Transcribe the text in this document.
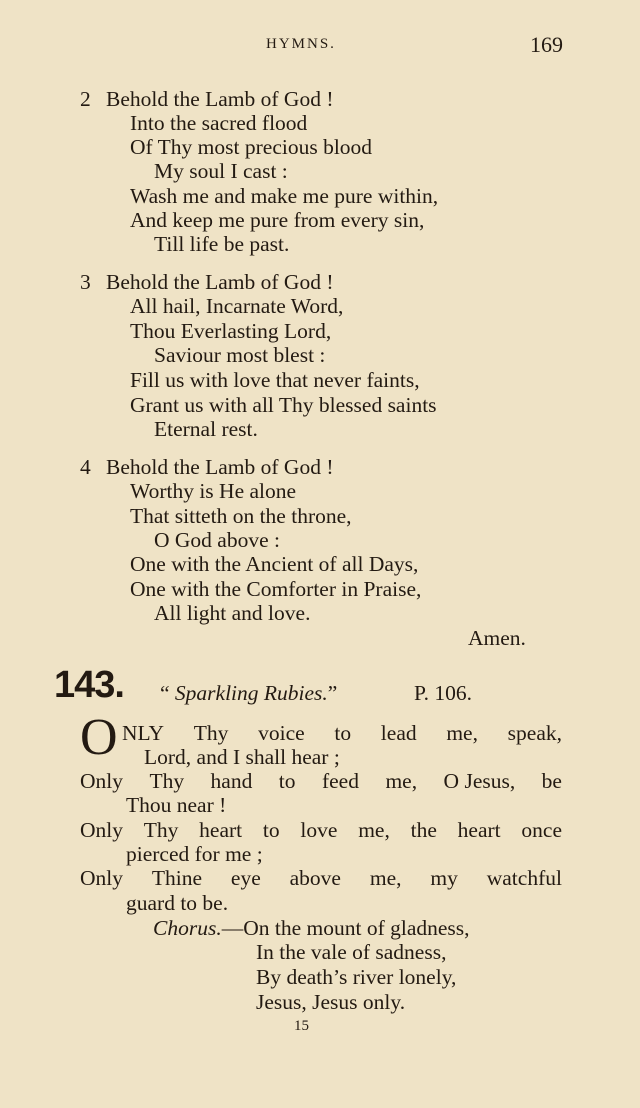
HYMNS.	169
2 Behold the Lamb of God !
Into the sacred flood
Of Thy most precious blood
My soul I cast :
Wash me and make me pure within,
And keep me pure from every sin,
Till life be past.
3 Behold the Lamb of God !
All hail, Incarnate Word,
Thou Everlasting Lord,
Saviour most blest :
Fill us with love that never faints,
Grant us with all Thy blessed saints
Eternal rest.
4 Behold the Lamb of God !
Worthy is He alone
That sitteth on the throne,
O God above :
One with the Ancient of all Days,
One with the Comforter in Praise,
All light and love.
Amen.
143. “ Sparkling Rubies.”	P. 106.
O NLY Thy voice to lead me, speak,
Lord, and I shall hear ;
Only Thy hand to feed me, O Jesus, be
Thou near !
Only Thy heart to love me, the heart once
pierced for me ;
Only Thine eye above me, my watchful
guard to be.
Chorus.—On the mount of gladness,
In the vale of sadness,
By death’s river lonely,
Jesus, Jesus only.
15
